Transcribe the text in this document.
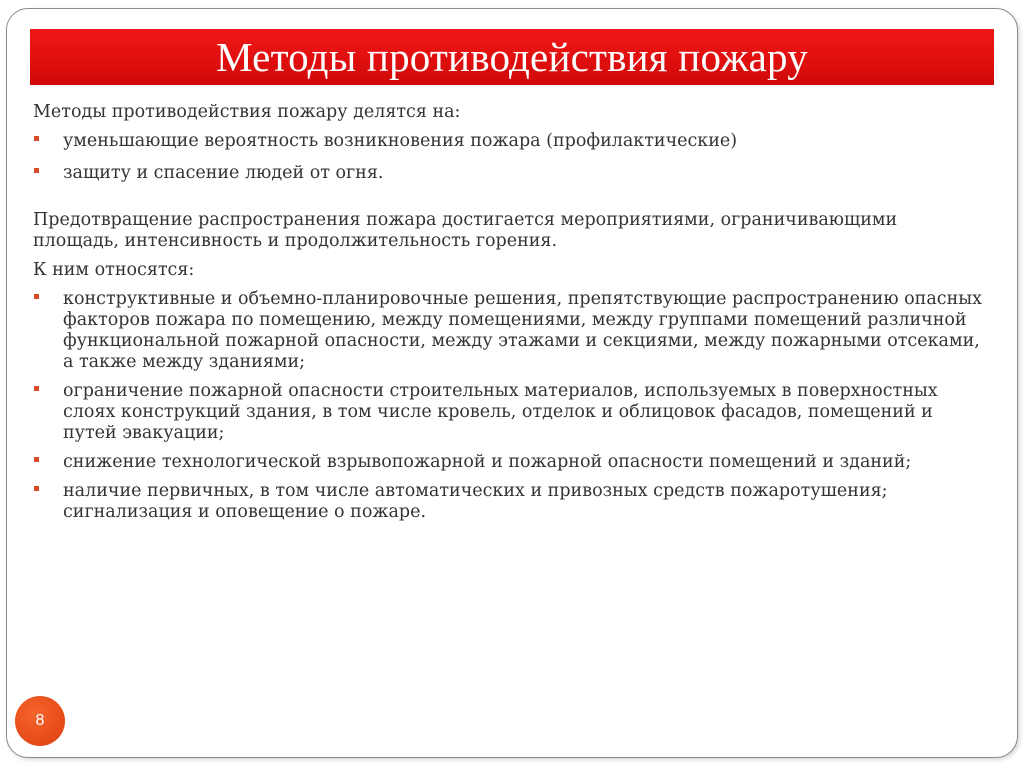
Методы противодействия пожару

Методы противодействия пожару делятся на:

уменьшающие вероятность возникновения пожара (профилактические)
защиту и спасение людей от огня.

Предотвращение распространения пожара достигается мероприятиями, ограничивающими площадь, интенсивность и продолжительность горения.

К ним относятся:

конструктивные и объемно-планировочные решения, препятствующие распространению опасных факторов пожара по помещению, между помещениями, между группами помещений различной функциональной пожарной опасности, между этажами и секциями, между пожарными отсеками, а также между зданиями;
ограничение пожарной опасности строительных материалов, используемых в поверхностных слоях конструкций здания, в том числе кровель, отделок и облицовок фасадов, помещений и путей эвакуации;
снижение технологической взрывопожарной и пожарной опасности помещений и зданий;
наличие первичных, в том числе автоматических и привозных средств пожаротушения; сигнализация и оповещение о пожаре.
8
